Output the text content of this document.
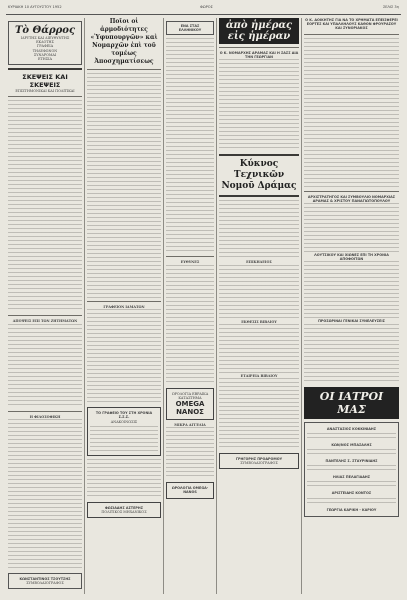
ΚΥΡΙΑΚΗ 10 ΑΥΓΟΥΣΤΟΥ 1952	ΦΩΡΟΣ	ΣΕΛΙΣ 3η
Τὸ Θάρρος
ΙΔΡΥΤΗΣ ΚΑΙ ΔΙΕΥΘΥΝΤΗΣ
ΕΚΔΟΤΗΣ
ΓΡΑΦΕΙΑ
ΤΗΛΕΦΩΝΟΝ
ΣΥΝΔΡΟΜΑΙ
ΕΤΗΣΙΑ
ΣΚΕΨΕΙΣ ΚΑΙ ΣΚΕΨΕΙΣ
ΕΠΙΣΤΗΜΟΝΙΚΑΙ ΚΑΙ ΠΟΛΙΤΙΚΑΙ
ΑΠΟΨΕΙΣ ΕΠΙ ΤΩΝ ΖΗΤΗΜΑΤΩΝ
Η ΦΙΛΟΣΟΦΙΚΗ
ΚΩΝΣΤΑΝΤΙΝΟΣ ΤΣΟΥΤΣΗΣ
ΣΥΜΒΟΛΑΙΟΓΡΑΦΟΣ
Ποῖοι οἱ ἁρμοδιότητες «Ὑφυπουργῶν» καὶ Νομαρχῶν ἐπὶ τοῦ τομέως Ἀποσχηματίσεως
ΓΡΑΦΕΙΟΝ ΙΑΜΑΤΩΝ
ΤΟ ΓΡΑΦΕΙΟ ΤΟΥ ΣΤΗ ΧΡΟΝΙΑ Σ.Σ.Σ.
ΑΝΑΚΟΙΝΩΣΙΣ
ΦΩΣΙΑΔΗΣ ΑΣΤΕΡΗΣ
ΠΟΛΙΤΙΚΟΣ ΜΗΧΑΝΙΚΟΣ
ΕΝΑ ΣΤΑΣ ΕΛΛΗΝΙΚΟΥ
ΕΥΘΥΝΕΣ
ΩΡΟΛΟΓΙΑ ΕΒΡΑΙΚΑ ΚΑΤΑΣΤΗΜΑ
OMEGA ΝΑΝΟΣ
ΜΙΚΡΑ ΑΓΓΕΛΙΑ
ΩΡΟΛΟΓΙΑ ΟΜΕGA-NANOS
ἀπὸ ἡμέρας εἰς ἡμέραν
Ο Κ. ΝΟΜΑΡΧΗΣ ΔΡΑΜΑΣ ΚΑΙ Η ΣΑΣΣ ΔΙΑ ΤΗΝ ΓΕΩΡΓΙΑΝ
Κύκνος Τεχνικῶν Νομοῦ Δράμας
ΕΠΙΚΗΔΕΙΟΣ
ΕΚΘΕΣΙΣ ΒΙΒΛΙΟΥ
ΕΤΑΙΡΕΙΑ ΒΙΒΛΙΟΥ
ΓΡΗΓΟΡΗΣ ΠΡΟΔΡΟΜΟΥ
ΣΥΜΒΟΛΑΙΟΓΡΑΦΟΣ
Ο Κ. ΔΟΙΚΗΤΗΣ ΓΙΑ ΝΑ ΤΟ ΧΡΗΜΑΤΑ ΕΠΕΙΣΦΕΡΕΙ ΕΟΡΤΕΣ ΚΑΙ ΥΠΑΛΛΗΛΟΥΣ ΚΑΘΟΝ ΦΡΟΥΡΑΣΟΥ ΚΑΙ ΣΥΝΟΡΙΑΚΟΣ
ΑΡΧΙΣΤΡΑΤΗΓΟΣ ΚΑΙ ΣΥΜΒΟΥΛΙΟ ΝΟΜΑΡΧΙΑΣ ΔΡΑΜΑΣ & ΧΡΙΣΤΟΥ ΠΑΝΑΓΙΩΤΟΠΟΥΛΟΥ
ΛΟΥΤΣΙΚΟΥ ΚΑΙ ΧΙΩΝΕΣ ΕΠΙ ΤΗ ΧΡΟΝΙΑ ΑΠΟΦΟΙΤΩΝ
ΠΡΟΣΩΡΙΝΑΙ ΓΕΝΙΚΑΙ ΣΥΝΕΛΕΥΣΕΙΣ
ΟΙ ΙΑΤΡΟΙ ΜΑΣ
ΑΝΑΣΤΑΣΙΟΣ ΚΟΚΚΙΝΙΔΗΣ
ΚΩΝ/ΝΟΣ ΜΠΑΣΑΛΗΣ
ΠΑΝΤΕΛΗΣ Σ. ΣΤΑΥΡΙΝΙΔΗΣ
ΗΛΙΑΣ ΠΕΛΑΓΙΑΔΗΣ
ΑΡΙΣΤΕΙΔΗΣ ΚΟΝΤΟΣ
ΓΕΩΡΓΙΑ ΚΑΡΙΚΗ - ΚΑΡΙΟΥ
